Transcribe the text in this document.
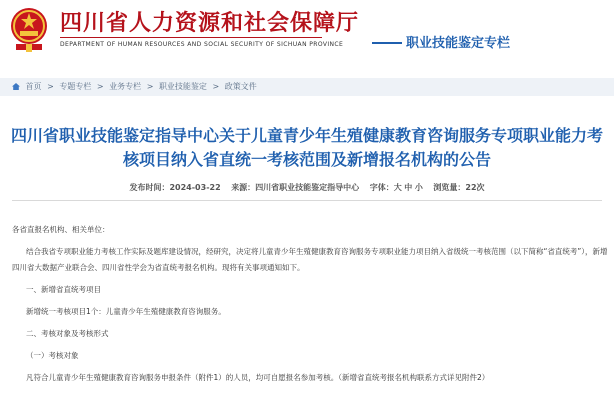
四川省人力资源和社会保障厅
DEPARTMENT OF HUMAN RESOURCES AND SOCIAL SECURITY OF SICHUAN PROVINCE	职业技能鉴定专栏
首页 > 专题专栏 > 业务专栏 > 职业技能鉴定 > 政策文件
四川省职业技能鉴定指导中心关于儿童青少年生殖健康教育咨询服务专项职业能力考核项目纳入省直统一考核范围及新增报名机构的公告
发布时间：2024-03-22 来源：四川省职业技能鉴定指导中心 字体：大 中 小 浏览量：22次

各省直报名机构、相关单位：

结合我省专项职业能力考核工作实际及题库建设情况，经研究，决定将儿童青少年生殖健康教育咨询服务专项职业能力项目纳入省级统一考核范围（以下简称“省直统考”），新增四川省大数据产业联合会、四川省性学会为省直统考报名机构。现将有关事项通知如下。

一、新增省直统考项目

新增统一考核项目1个：儿童青少年生殖健康教育咨询服务。

二、考核对象及考核形式

（一）考核对象

凡符合儿童青少年生殖健康教育咨询服务申报条件（附件1）的人员，均可自愿报名参加考核。（新增省直统考报名机构联系方式详见附件2）
